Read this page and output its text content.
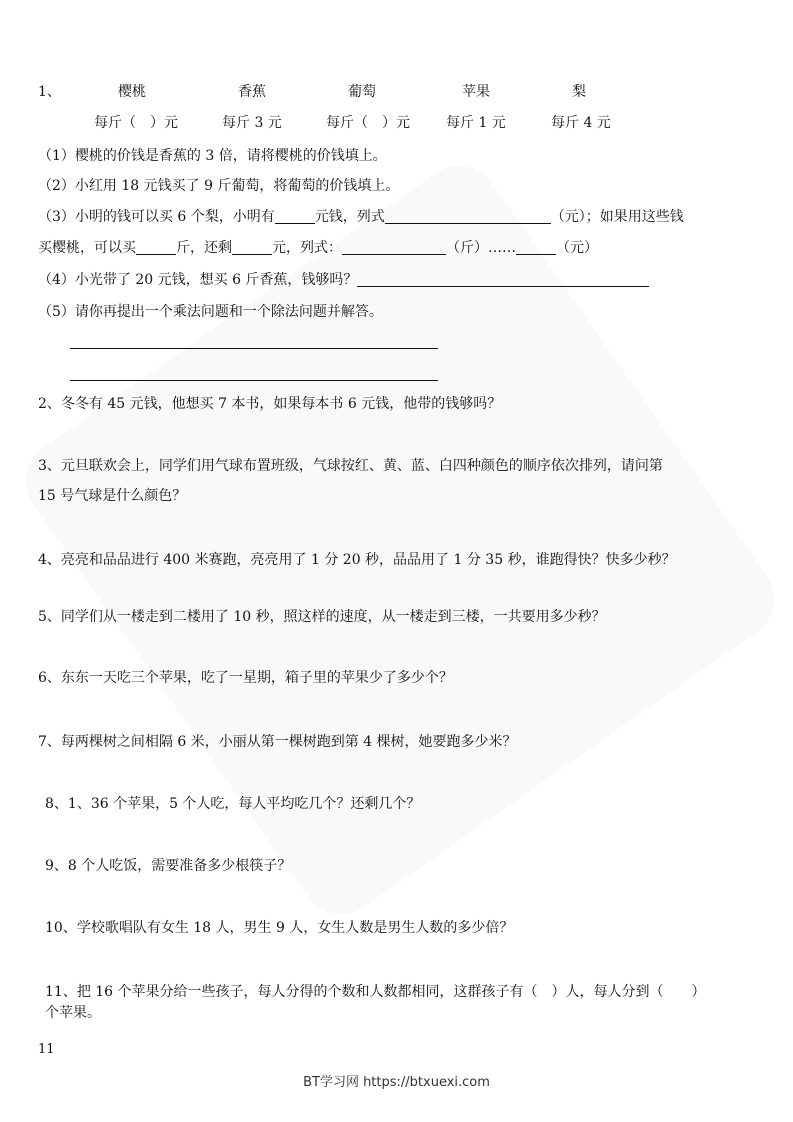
1、	樱桃	香蕉	葡萄	苹果	梨
每斤（　）元	每斤 3 元	每斤（　）元	每斤 1 元	每斤 4 元
（1）樱桃的价钱是香蕉的 3 倍，请将樱桃的价钱填上。
（2）小红用 18 元钱买了 9 斤葡萄，将葡萄的价钱填上。
（3）小明的钱可以买 6 个梨，小明有	元钱，列式	（元）；如果用这些钱
买樱桃，可以买	斤，还剩	元，列式：	（斤）……	（元）
（4）小光带了 20 元钱，想买 6 斤香蕉，钱够吗？
（5）请你再提出一个乘法问题和一个除法问题并解答。
2、冬冬有 45 元钱，他想买 7 本书，如果每本书 6 元钱，他带的钱够吗？
3、元旦联欢会上，同学们用气球布置班级，气球按红、黄、蓝、白四种颜色的顺序依次排列，请问第
15 号气球是什么颜色？
4、亮亮和品品进行 400 米赛跑，亮亮用了 1 分 20 秒，品品用了 1 分 35 秒，谁跑得快？快多少秒？
5、同学们从一楼走到二楼用了 10 秒，照这样的速度，从一楼走到三楼，一共要用多少秒？
6、东东一天吃三个苹果，吃了一星期，箱子里的苹果少了多少个？
7、每两棵树之间相隔 6 米，小丽从第一棵树跑到第 4 棵树，她要跑多少米？
8、1、36 个苹果，5 个人吃，每人平均吃几个？还剩几个？
9、8 个人吃饭，需要准备多少根筷子？
10、学校歌唱队有女生 18 人，男生 9 人，女生人数是男生人数的多少倍？
11、把 16 个苹果分给一些孩子，每人分得的个数和人数都相同，这群孩子有（　）人，每人分到（　　）
个苹果。
11
BT学习网 https://btxuexi.com
